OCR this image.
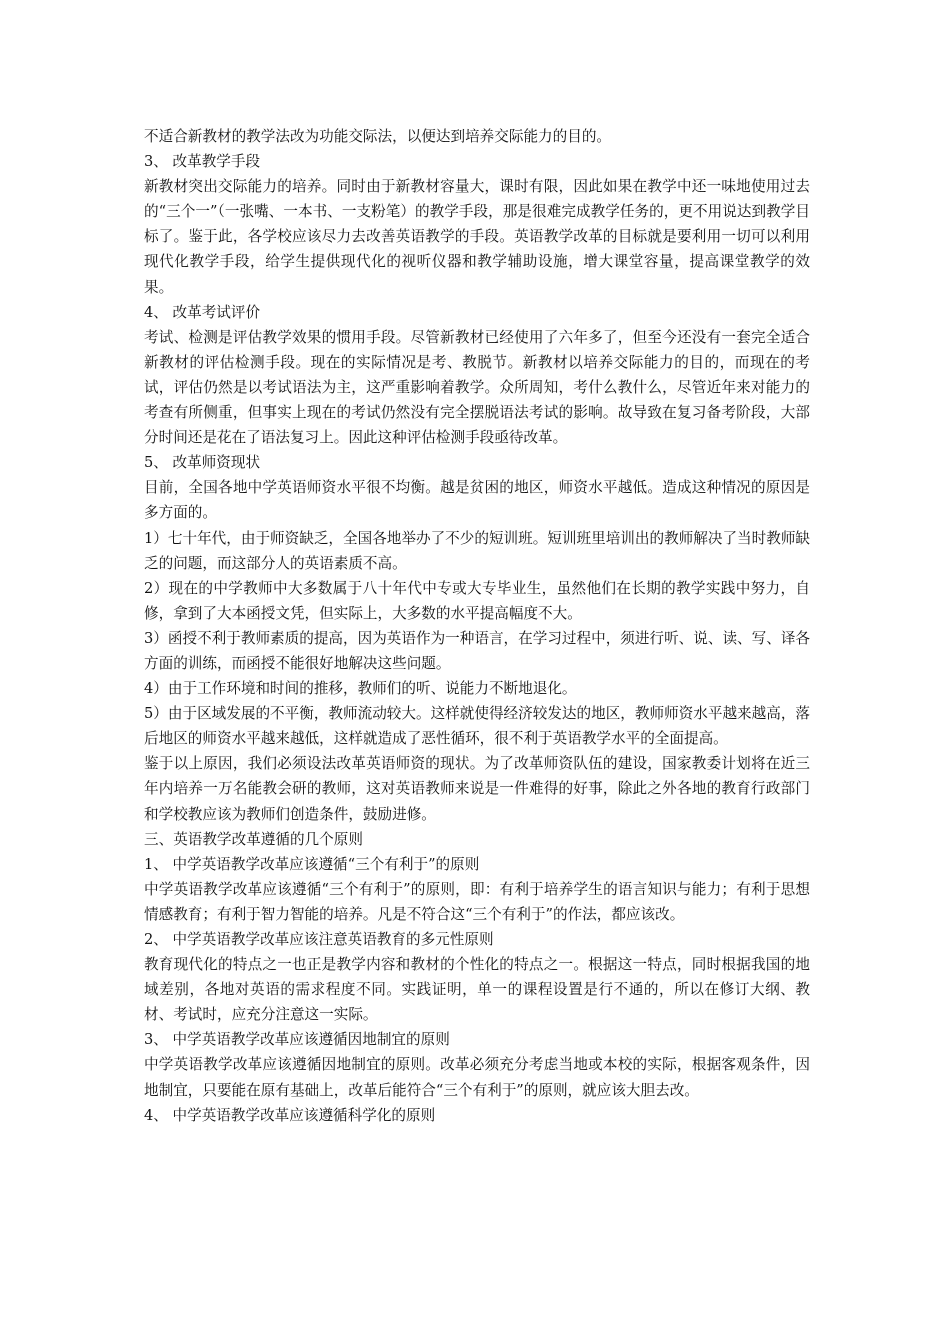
不适合新教材的教学法改为功能交际法，以便达到培养交际能力的目的。

3、 改革教学手段

新教材突出交际能力的培养。同时由于新教材容量大，课时有限，因此如果在教学中还一味地使用过去的“三个一”（一张嘴、一本书、一支粉笔）的教学手段，那是很难完成教学任务的，更不用说达到教学目标了。鉴于此，各学校应该尽力去改善英语教学的手段。英语教学改革的目标就是要利用一切可以利用现代化教学手段，给学生提供现代化的视听仪器和教学辅助设施，增大课堂容量，提高课堂教学的效果。

4、 改革考试评价

考试、检测是评估教学效果的惯用手段。尽管新教材已经使用了六年多了，但至今还没有一套完全适合新教材的评估检测手段。现在的实际情况是考、教脱节。新教材以培养交际能力的目的，而现在的考试，评估仍然是以考试语法为主，这严重影响着教学。众所周知，考什么教什么，尽管近年来对能力的考查有所侧重，但事实上现在的考试仍然没有完全摆脱语法考试的影响。故导致在复习备考阶段，大部分时间还是花在了语法复习上。因此这种评估检测手段亟待改革。

5、 改革师资现状

目前，全国各地中学英语师资水平很不均衡。越是贫困的地区，师资水平越低。造成这种情况的原因是多方面的。

1）七十年代，由于师资缺乏，全国各地举办了不少的短训班。短训班里培训出的教师解决了当时教师缺乏的问题，而这部分人的英语素质不高。

2）现在的中学教师中大多数属于八十年代中专或大专毕业生，虽然他们在长期的教学实践中努力，自修，拿到了大本函授文凭，但实际上，大多数的水平提高幅度不大。

3）函授不利于教师素质的提高，因为英语作为一种语言，在学习过程中，须进行听、说、读、写、译各方面的训练，而函授不能很好地解决这些问题。

4）由于工作环境和时间的推移，教师们的听、说能力不断地退化。

5）由于区域发展的不平衡，教师流动较大。这样就使得经济较发达的地区，教师师资水平越来越高，落后地区的师资水平越来越低，这样就造成了恶性循环，很不利于英语教学水平的全面提高。

鉴于以上原因，我们必须设法改革英语师资的现状。为了改革师资队伍的建设，国家教委计划将在近三年内培养一万名能教会研的教师，这对英语教师来说是一件难得的好事，除此之外各地的教育行政部门和学校教应该为教师们创造条件，鼓励进修。

三、英语教学改革遵循的几个原则

1、 中学英语教学改革应该遵循“三个有利于”的原则

中学英语教学改革应该遵循“三个有利于”的原则，即：有利于培养学生的语言知识与能力；有利于思想情感教育；有利于智力智能的培养。凡是不符合这“三个有利于”的作法，都应该改。

2、 中学英语教学改革应该注意英语教育的多元性原则

教育现代化的特点之一也正是教学内容和教材的个性化的特点之一。根据这一特点，同时根据我国的地域差别，各地对英语的需求程度不同。实践证明，单一的课程设置是行不通的，所以在修订大纲、教材、考试时，应充分注意这一实际。

3、 中学英语教学改革应该遵循因地制宜的原则

中学英语教学改革应该遵循因地制宜的原则。改革必须充分考虑当地或本校的实际，根据客观条件，因地制宜，只要能在原有基础上，改革后能符合“三个有利于”的原则，就应该大胆去改。

4、 中学英语教学改革应该遵循科学化的原则
